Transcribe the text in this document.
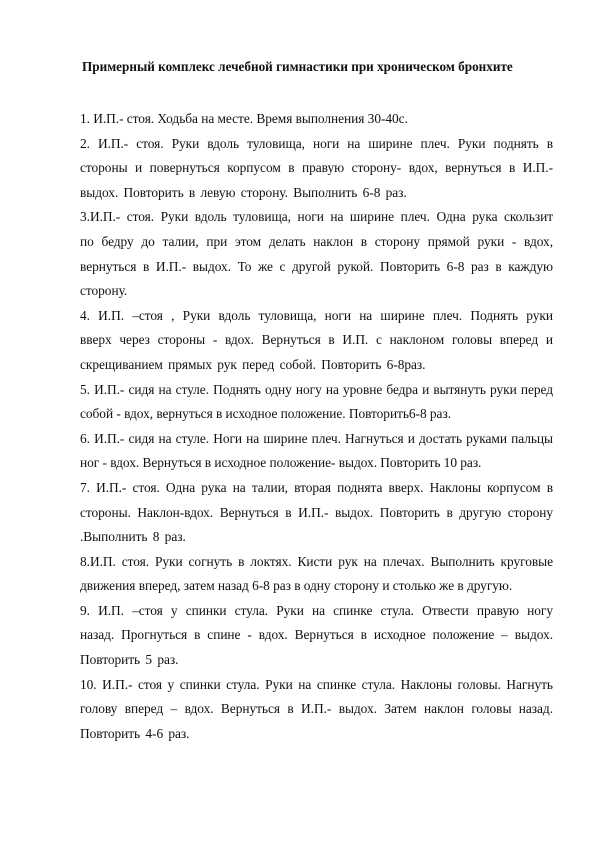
Примерный комплекс лечебной гимнастики при хроническом бронхите

1. И.П.- стоя. Ходьба на месте. Время выполнения 30-40с.

2. И.П.- стоя. Руки вдоль туловища, ноги на ширине плеч. Руки поднять в стороны и повернуться корпусом в правую сторону- вдох, вернуться в И.П.- выдох. Повторить в левую сторону. Выполнить 6-8 раз.

3.И.П.- стоя. Руки вдоль туловища, ноги на ширине плеч. Одна рука скользит по бедру до талии, при этом делать наклон в сторону прямой руки - вдох, вернуться в И.П.- выдох. То же с другой рукой. Повторить 6-8 раз в каждую сторону.

4. И.П. –стоя , Руки вдоль туловища, ноги на ширине плеч. Поднять руки вверх через стороны - вдох. Вернуться в И.П. с наклоном головы вперед и скрещиванием прямых рук перед собой. Повторить 6-8раз.

5. И.П.- сидя на стуле. Поднять одну ногу на уровне бедра и вытянуть руки перед собой - вдох, вернуться в исходное положение. Повторить6-8 раз.

6. И.П.- сидя на стуле. Ноги на ширине плеч. Нагнуться и достать руками пальцы ног - вдох. Вернуться в исходное положение- выдох. Повторить 10 раз.

7. И.П.- стоя. Одна рука на талии, вторая поднята вверх. Наклоны корпусом в стороны. Наклон-вдох. Вернуться в И.П.- выдох. Повторить в другую сторону .Выполнить 8 раз.

8.И.П. стоя. Руки согнуть в локтях. Кисти рук на плечах. Выполнить круговые движения вперед, затем назад 6-8 раз в одну сторону и столько же в другую.

9. И.П. –стоя у спинки стула. Руки на спинке стула. Отвести правую ногу назад. Прогнуться в спине - вдох. Вернуться в исходное положение – выдох. Повторить 5 раз.

10. И.П.- стоя у спинки стула. Руки на спинке стула. Наклоны головы. Нагнуть голову вперед – вдох. Вернуться в И.П.- выдох. Затем наклон головы назад. Повторить 4-6 раз.
